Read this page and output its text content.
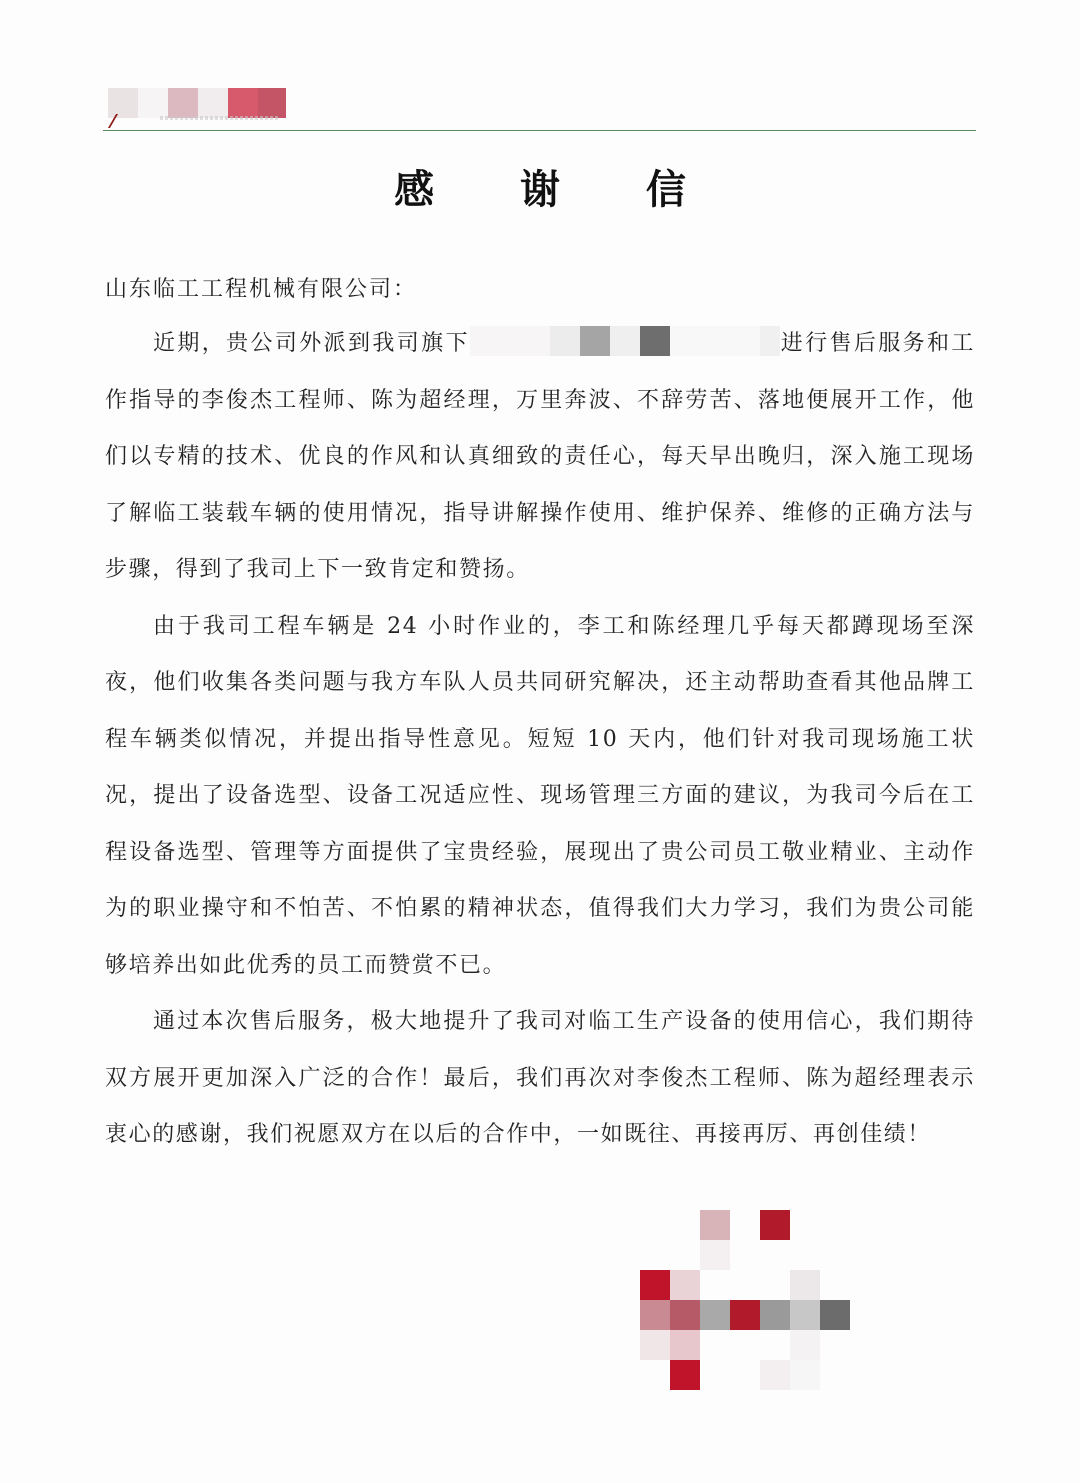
感 谢 信
山东临工工程机械有限公司：

近期，贵公司外派到我司旗下	进行售后服务和工作指导的李俊杰工程师、陈为超经理，万里奔波、不辞劳苦、落地便展开工作，他们以专精的技术、优良的作风和认真细致的责任心，每天早出晚归，深入施工现场了解临工装载车辆的使用情况，指导讲解操作使用、维护保养、维修的正确方法与步骤，得到了我司上下一致肯定和赞扬。

由于我司工程车辆是 24 小时作业的，李工和陈经理几乎每天都蹲现场至深夜，他们收集各类问题与我方车队人员共同研究解决，还主动帮助查看其他品牌工程车辆类似情况，并提出指导性意见。短短 10 天内，他们针对我司现场施工状况，提出了设备选型、设备工况适应性、现场管理三方面的建议，为我司今后在工程设备选型、管理等方面提供了宝贵经验，展现出了贵公司员工敬业精业、主动作为的职业操守和不怕苦、不怕累的精神状态，值得我们大力学习，我们为贵公司能够培养出如此优秀的员工而赞赏不已。

通过本次售后服务，极大地提升了我司对临工生产设备的使用信心，我们期待双方展开更加深入广泛的合作！最后，我们再次对李俊杰工程师、陈为超经理表示衷心的感谢，我们祝愿双方在以后的合作中，一如既往、再接再厉、再创佳绩！
